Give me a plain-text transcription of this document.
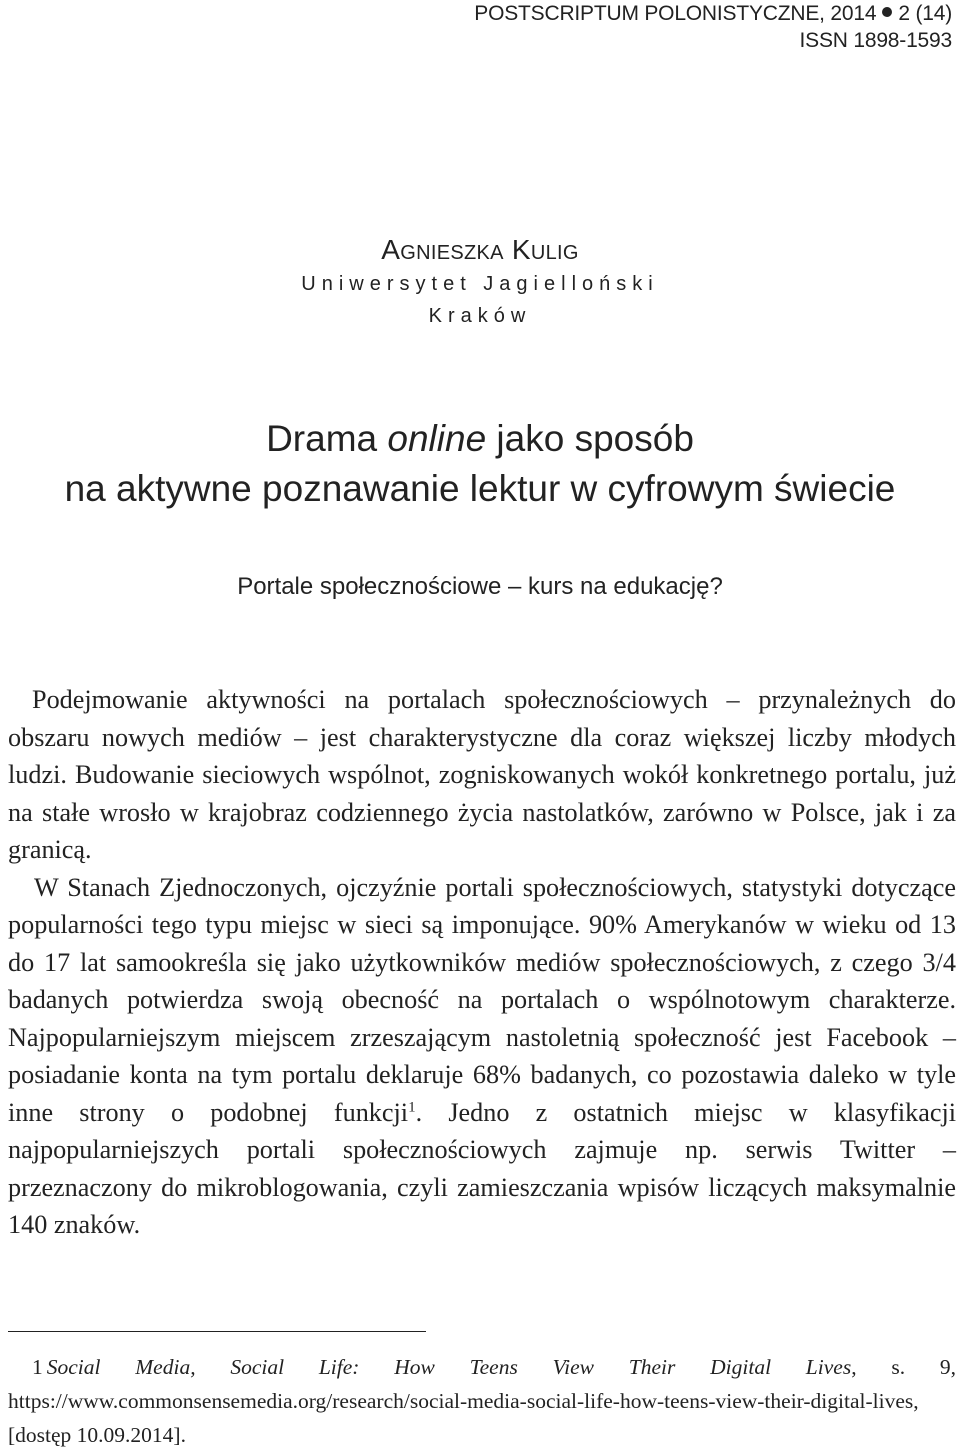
POSTSCRIPTUM POLONISTYCZNE, 2014 2 (14)
ISSN 1898-1593
Agnieszka Kulig
Uniwersytet Jagielloński
Kraków
Drama online jako sposób
na aktywne poznawanie lektur w cyfrowym świecie
Portale społecznościowe – kurs na edukację?

Podejmowanie aktywności na portalach społecznościowych – przynależnych do obszaru nowych mediów – jest charakterystyczne dla coraz większej liczby młodych ludzi. Budowanie sieciowych wspólnot, zogniskowanych wokół konkretnego portalu, już na stałe wrosło w krajobraz codziennego życia nastolatków, zarówno w Polsce, jak i za granicą.

W Stanach Zjednoczonych, ojczyźnie portali społecznościowych, statystyki dotyczące popularności tego typu miejsc w sieci są imponujące. 90% Amerykanów w wieku od 13 do 17 lat samookreśla się jako użytkowników mediów społecznościowych, z czego 3/4 badanych potwierdza swoją obecność na portalach o wspólnotowym charakterze. Najpopularniejszym miejscem zrzeszającym nastoletnią społeczność jest Facebook – posiadanie konta na tym portalu deklaruje 68% badanych, co pozostawia daleko w tyle inne strony o podobnej funkcji$^1$. Jedno z ostatnich miejsc w klasyfikacji najpopularniejszych portali społecznościowych zajmuje np. serwis Twitter – przeznaczony do mikroblogowania, czyli zamieszczania wpisów liczących maksymalnie 140 znaków.

1 Social Media, Social Life: How Teens View Their Digital Lives, s. 9, https://www.commonsensemedia.org/research/social-media-social-life-how-teens-view-their-digital-lives, [dostęp 10.09.2014].
